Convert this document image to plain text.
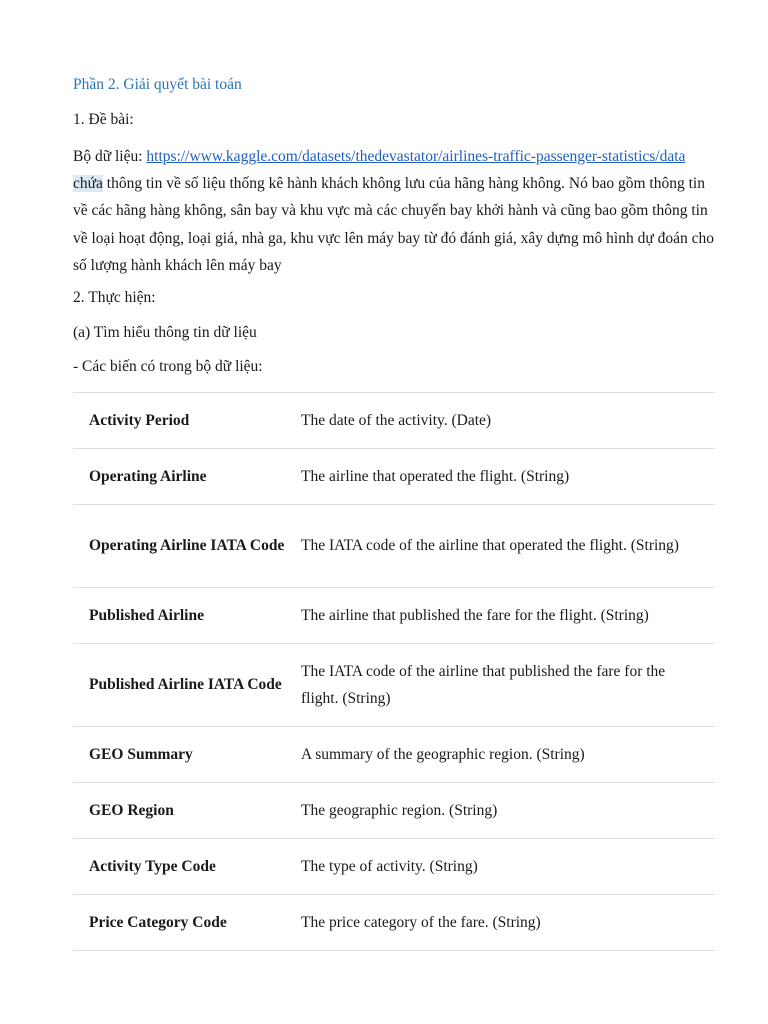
Phần 2. Giải quyết bài toán

1. Đề bài:

Bộ dữ liệu: https://www.kaggle.com/datasets/thedevastator/airlines-traffic-passenger-statistics/data chứa thông tin về số liệu thống kê hành khách không lưu của hãng hàng không. Nó bao gồm thông tin về các hãng hàng không, sân bay và khu vực mà các chuyến bay khởi hành và cũng bao gồm thông tin về loại hoạt động, loại giá, nhà ga, khu vực lên máy bay từ đó đánh giá, xây dựng mô hình dự đoán cho số lượng hành khách lên máy bay

2. Thực hiện:

(a) Tìm hiểu thông tin dữ liệu

- Các biến có trong bộ dữ liệu:

Activity Period	The date of the activity. (Date)
Operating Airline	The airline that operated the flight. (String)
Operating Airline IATA Code	The IATA code of the airline that operated the flight. (String)
Published Airline	The airline that published the fare for the flight. (String)
Published Airline IATA Code	The IATA code of the airline that published the fare for the flight. (String)
GEO Summary	A summary of the geographic region. (String)
GEO Region	The geographic region. (String)
Activity Type Code	The type of activity. (String)
Price Category Code	The price category of the fare. (String)
